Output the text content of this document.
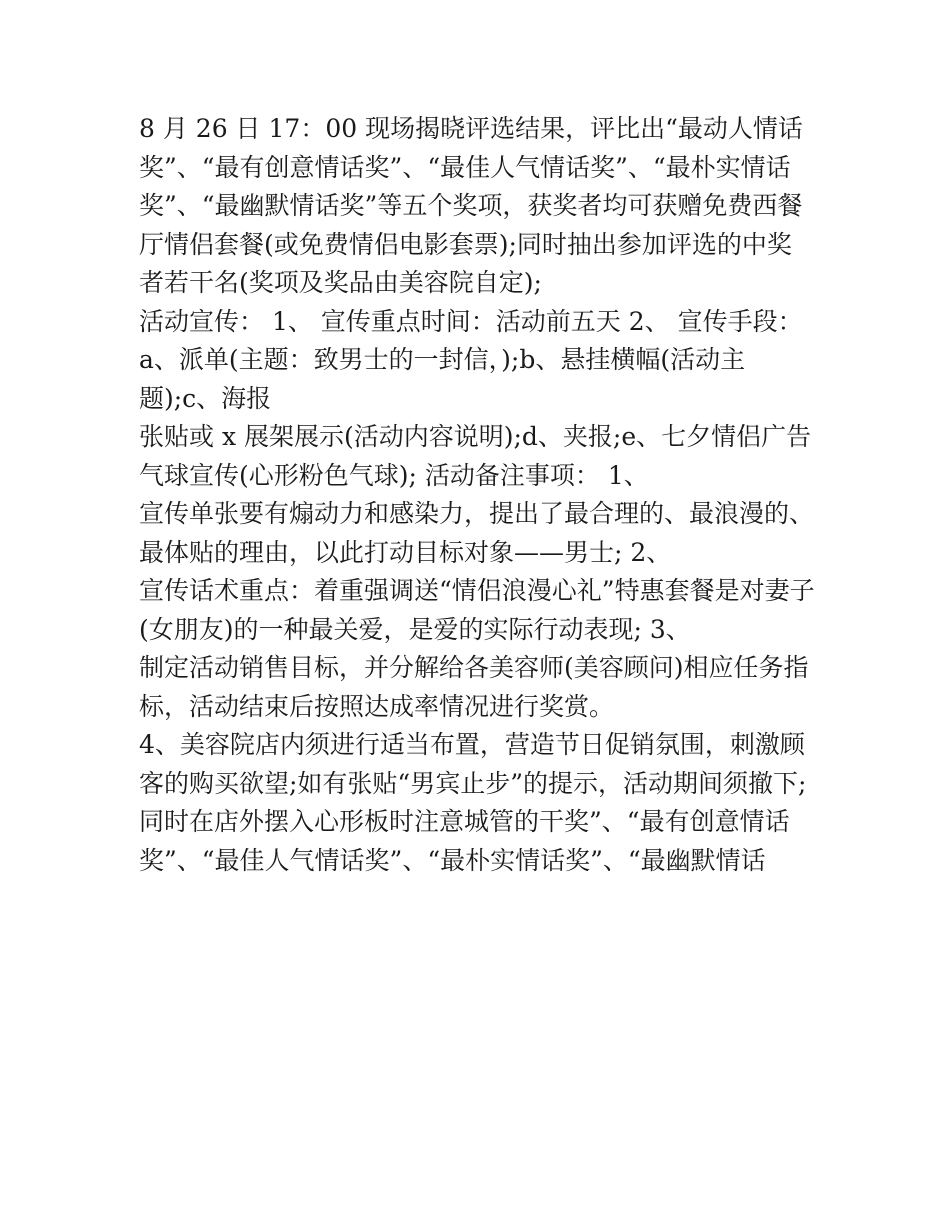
8 月 26 日 17：00 现场揭晓评选结果，评比出“最动人情话
奖”、“最有创意情话奖”、“最佳人气情话奖”、“最朴实情话
奖”、“最幽默情话奖”等五个奖项，获奖者均可获赠免费西餐
厅情侣套餐(或免费情侣电影套票);同时抽出参加评选的中奖
者若干名(奖项及奖品由美容院自定);
活动宣传： 1、 宣传重点时间：活动前五天 2、 宣传手段：
a、派单(主题：致男士的一封信，);b、悬挂横幅(活动主
题);c、海报
张贴或 x 展架展示(活动内容说明);d、夹报;e、七夕情侣广告
气球宣传(心形粉色气球); 活动备注事项： 1、
宣传单张要有煽动力和感染力，提出了最合理的、最浪漫的、
最体贴的理由，以此打动目标对象——男士; 2、
宣传话术重点：着重强调送“情侣浪漫心礼”特惠套餐是对妻子
(女朋友)的一种最关爱，是爱的实际行动表现; 3、
制定活动销售目标，并分解给各美容师(美容顾问)相应任务指
标，活动结束后按照达成率情况进行奖赏。
4、美容院店内须进行适当布置，营造节日促销氛围，刺激顾
客的购买欲望;如有张贴“男宾止步”的提示，活动期间须撤下;
同时在店外摆入心形板时注意城管的干奖”、“最有创意情话
奖”、“最佳人气情话奖”、“最朴实情话奖”、“最幽默情话
